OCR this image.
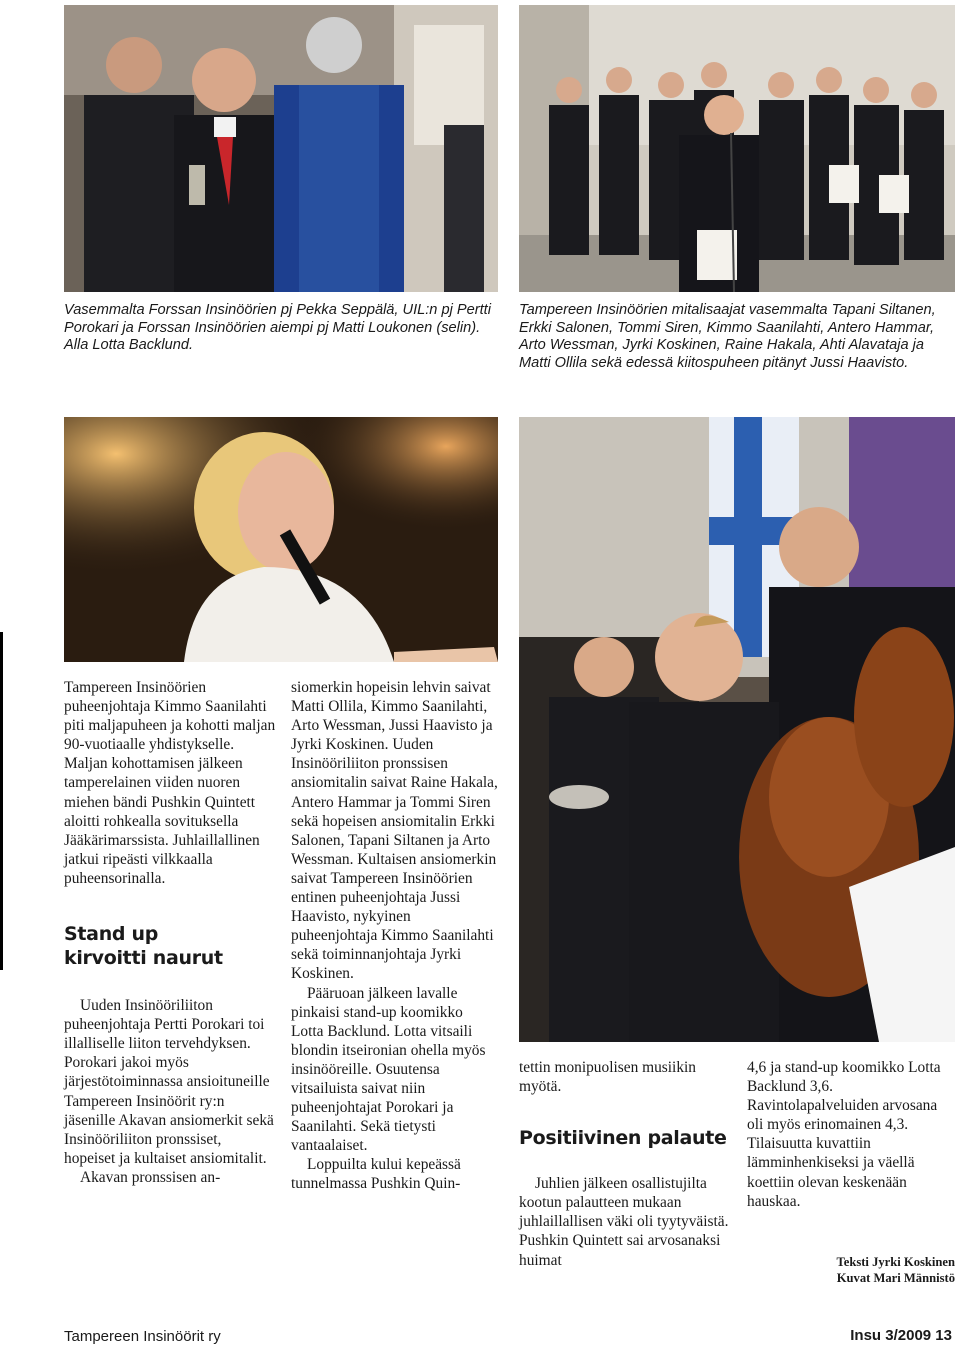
Vasemmalta Forssan Insinöörien pj Pekka Seppälä, UIL:n pj Pertti Porokari ja Forssan Insinöörien aiempi pj Matti Loukonen (selin). Alla Lotta Backlund.
Tampereen Insinöörien mitalisaajat vasemmalta Tapani Siltanen, Erkki Salonen, Tommi Siren, Kimmo Saanilahti, Antero Hammar, Arto Wessman, Jyrki Koskinen, Raine Hakala, Ahti Alavataja ja Matti Ollila sekä edessä kiitospuheen pitänyt Jussi Haavisto.

Tampereen Insinöörien puheenjohtaja Kimmo Saanilahti piti maljapuheen ja kohotti maljan 90-vuotiaalle yhdistykselle. Maljan kohottamisen jälkeen tamperelainen viiden nuoren miehen bändi Pushkin Quintett aloitti rohkealla sovituksella Jääkärimarssista. Juhlaillallinen jatkui ripeästi vilkkaalla puheensorinalla.

Stand up kirvoitti naurut

Uuden Insinööriliiton puheenjohtaja Pertti Porokari toi illalliselle liiton tervehdyksen. Porokari jakoi myös järjestötoiminnassa ansioituneille Tampereen Insinöörit ry:n jäsenille Akavan ansiomerkit sekä Insinööriliiton pronssiset, hopeiset ja kultaiset ansiomitalit.

Akavan pronssisen an-

siomerkin hopeisin lehvin saivat Matti Ollila, Kimmo Saanilahti, Arto Wessman, Jussi Haavisto ja Jyrki Koskinen. Uuden Insinööriliiton pronssisen ansiomitalin saivat Raine Hakala, Antero Hammar ja Tommi Siren sekä hopeisen ansiomitalin Erkki Salonen, Tapani Siltanen ja Arto Wessman. Kultaisen ansiomerkin saivat Tampereen Insinöörien entinen puheenjohtaja Jussi Haavisto, nykyinen puheenjohtaja Kimmo Saanilahti sekä toiminnanjohtaja Jyrki Koskinen.

Pääruoan jälkeen lavalle pinkaisi stand-up koomikko Lotta Backlund. Lotta vitsaili blondin itseironian ohella myös insinööreille. Osuutensa vitsailuista saivat niin puheenjohtajat Porokari ja Saanilahti. Sekä tietysti vantaalaiset.

Loppuilta kului kepeässä tunnelmassa Pushkin Quin-

tettin monipuolisen musiikin myötä.

Positiivinen palaute

Juhlien jälkeen osallistujilta kootun palautteen mukaan juhlaillallisen väki oli tyytyväistä. Pushkin Quintett sai arvosanaksi huimat

4,6 ja stand-up koomikko Lotta Backlund 3,6. Ravintolapalveluiden arvosana oli myös erinomainen 4,3. Tilaisuutta kuvattiin lämminhenkiseksi ja väellä koettiin olevan keskenään hauskaa.

Teksti Jyrki Koskinen
Kuvat Mari Männistö
Tampereen Insinöörit ry	Insu 3/2009 13
